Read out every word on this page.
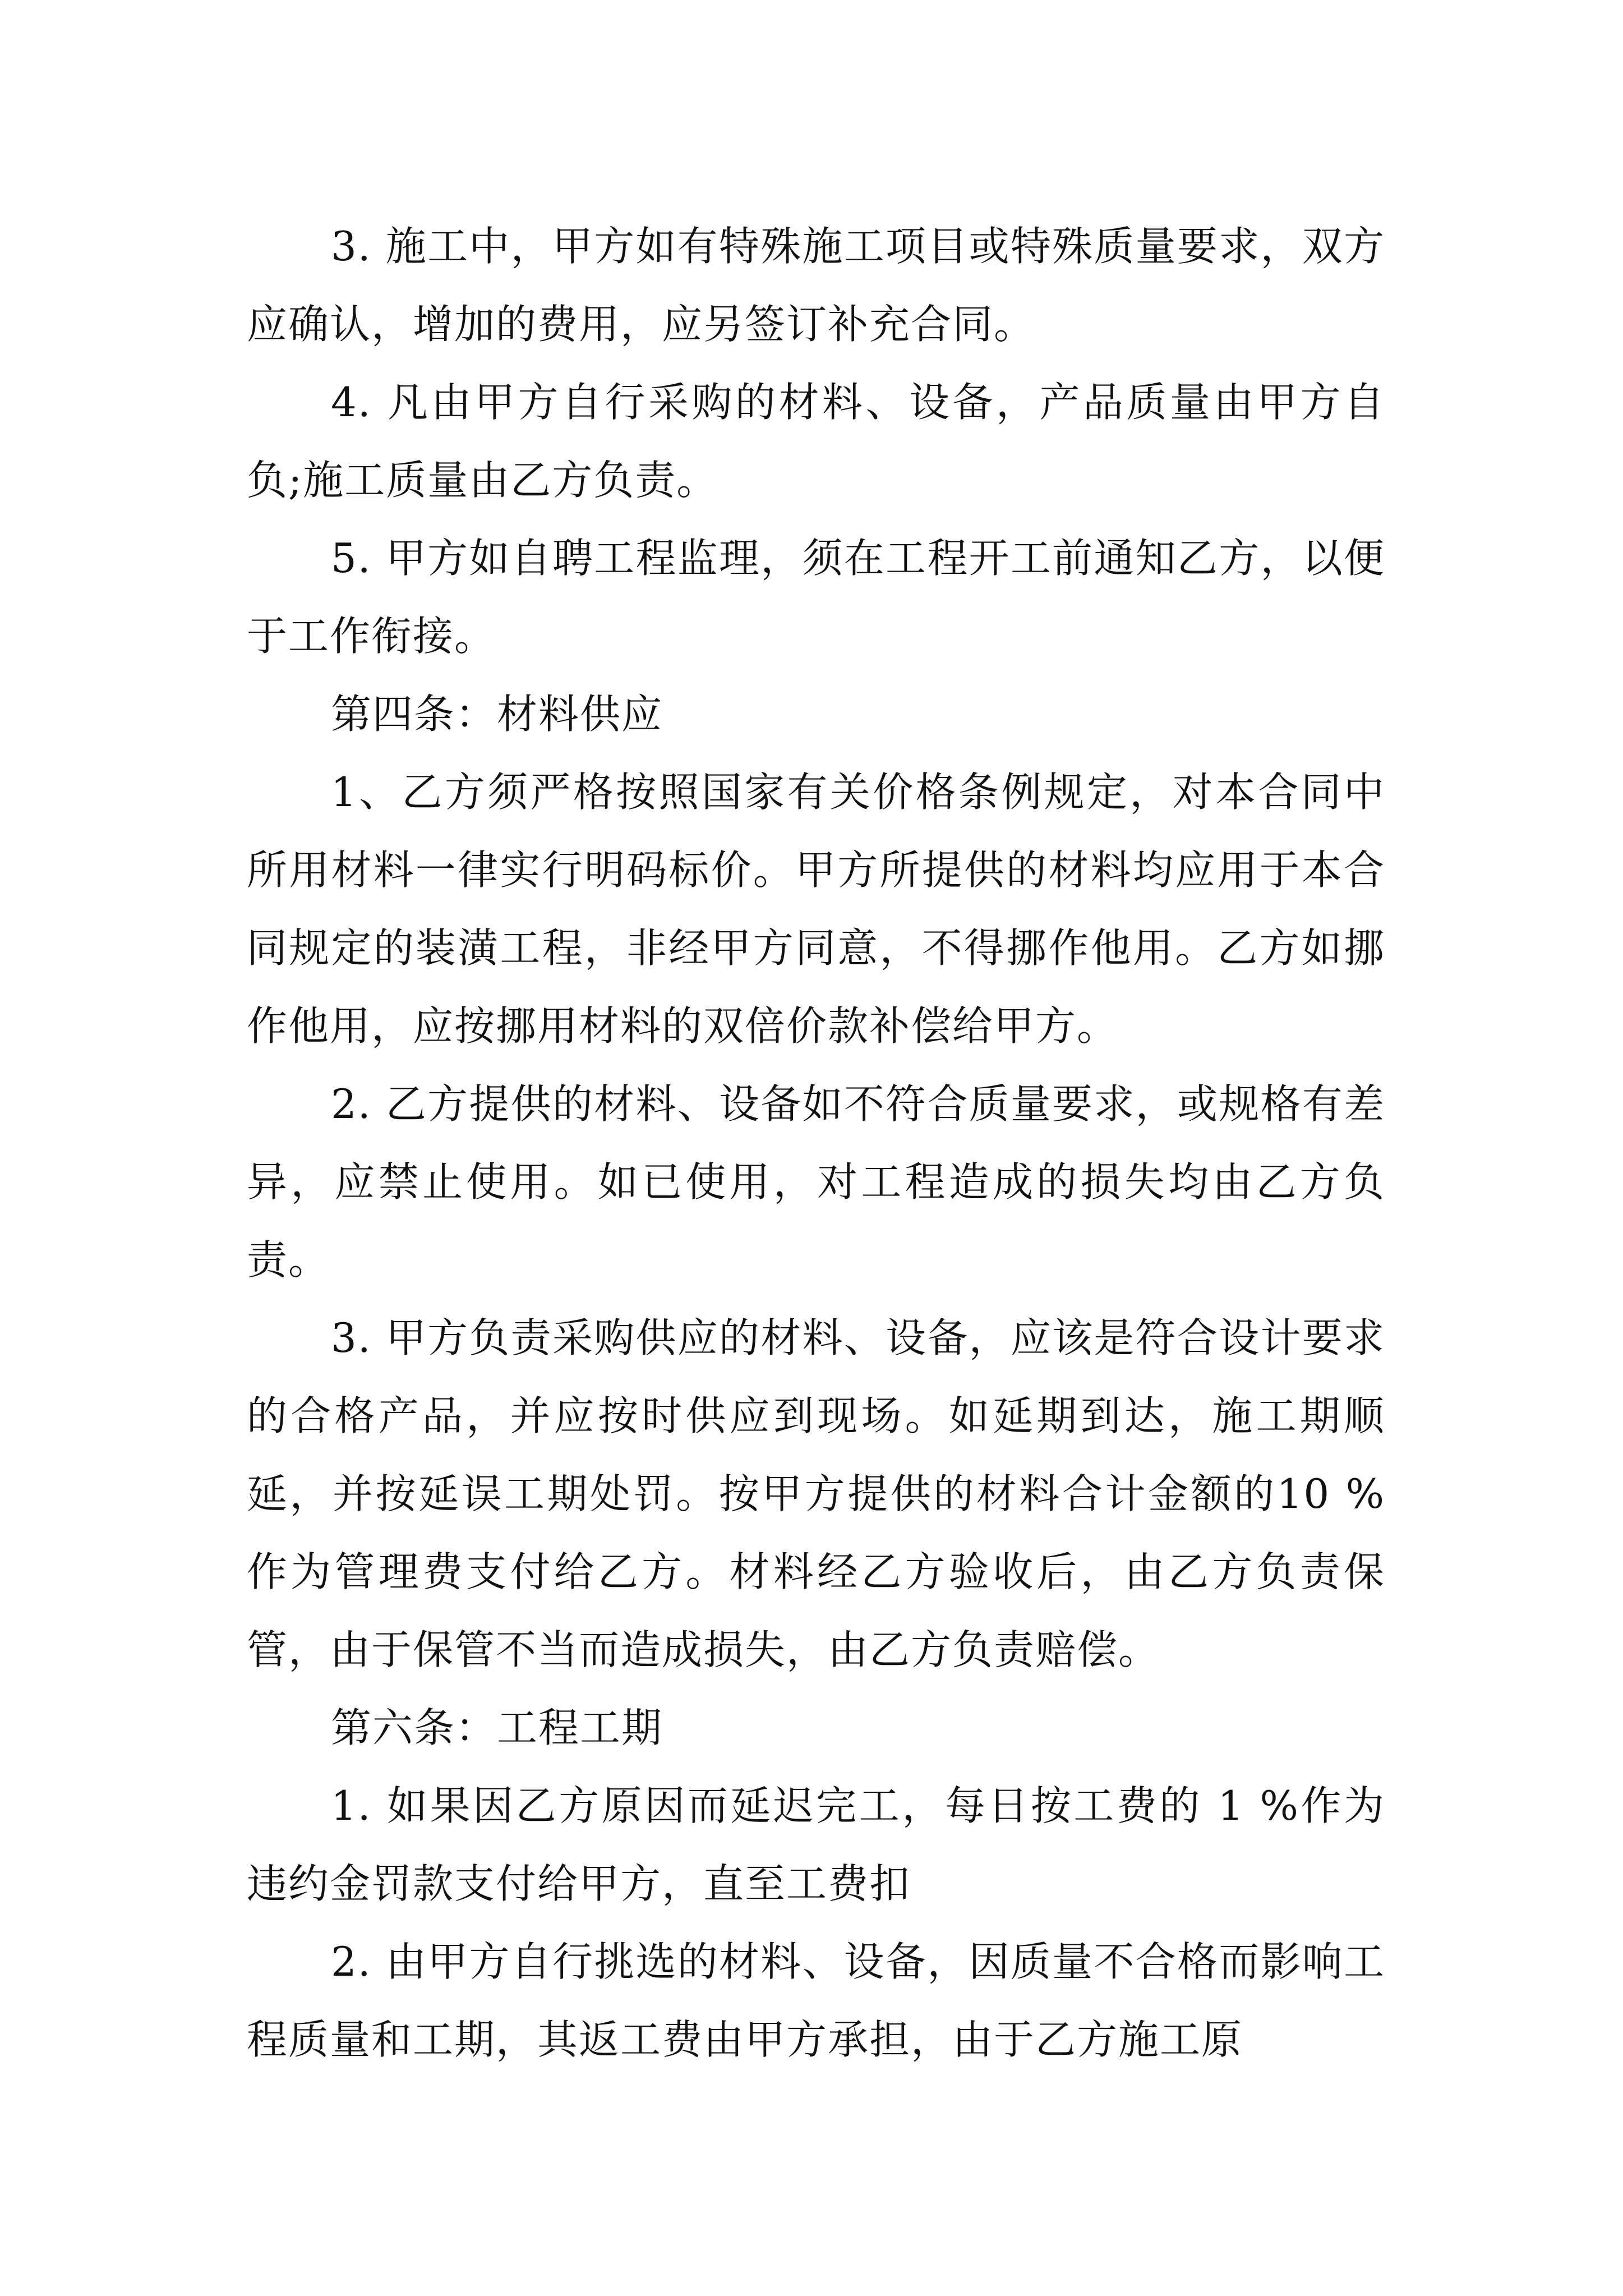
3. 施工中，甲方如有特殊施工项目或特殊质量要求，双方应确认，增加的费用，应另签订补充合同。

4. 凡由甲方自行采购的材料、设备，产品质量由甲方自负;施工质量由乙方负责。

5. 甲方如自聘工程监理，须在工程开工前通知乙方，以便于工作衔接。

第四条：材料供应

1、乙方须严格按照国家有关价格条例规定，对本合同中所用材料一律实行明码标价。甲方所提供的材料均应用于本合同规定的装潢工程，非经甲方同意，不得挪作他用。乙方如挪作他用，应按挪用材料的双倍价款补偿给甲方。

2. 乙方提供的材料、设备如不符合质量要求，或规格有差异，应禁止使用。如已使用，对工程造成的损失均由乙方负责。

3. 甲方负责采购供应的材料、设备，应该是符合设计要求的合格产品，并应按时供应到现场。如延期到达，施工期顺延，并按延误工期处罚。按甲方提供的材料合计金额的10 %作为管理费支付给乙方。材料经乙方验收后，由乙方负责保管，由于保管不当而造成损失，由乙方负责赔偿。

第六条：工程工期

1. 如果因乙方原因而延迟完工，每日按工费的 1 %作为违约金罚款支付给甲方，直至工费扣

2. 由甲方自行挑选的材料、设备，因质量不合格而影响工程质量和工期，其返工费由甲方承担，由于乙方施工原
